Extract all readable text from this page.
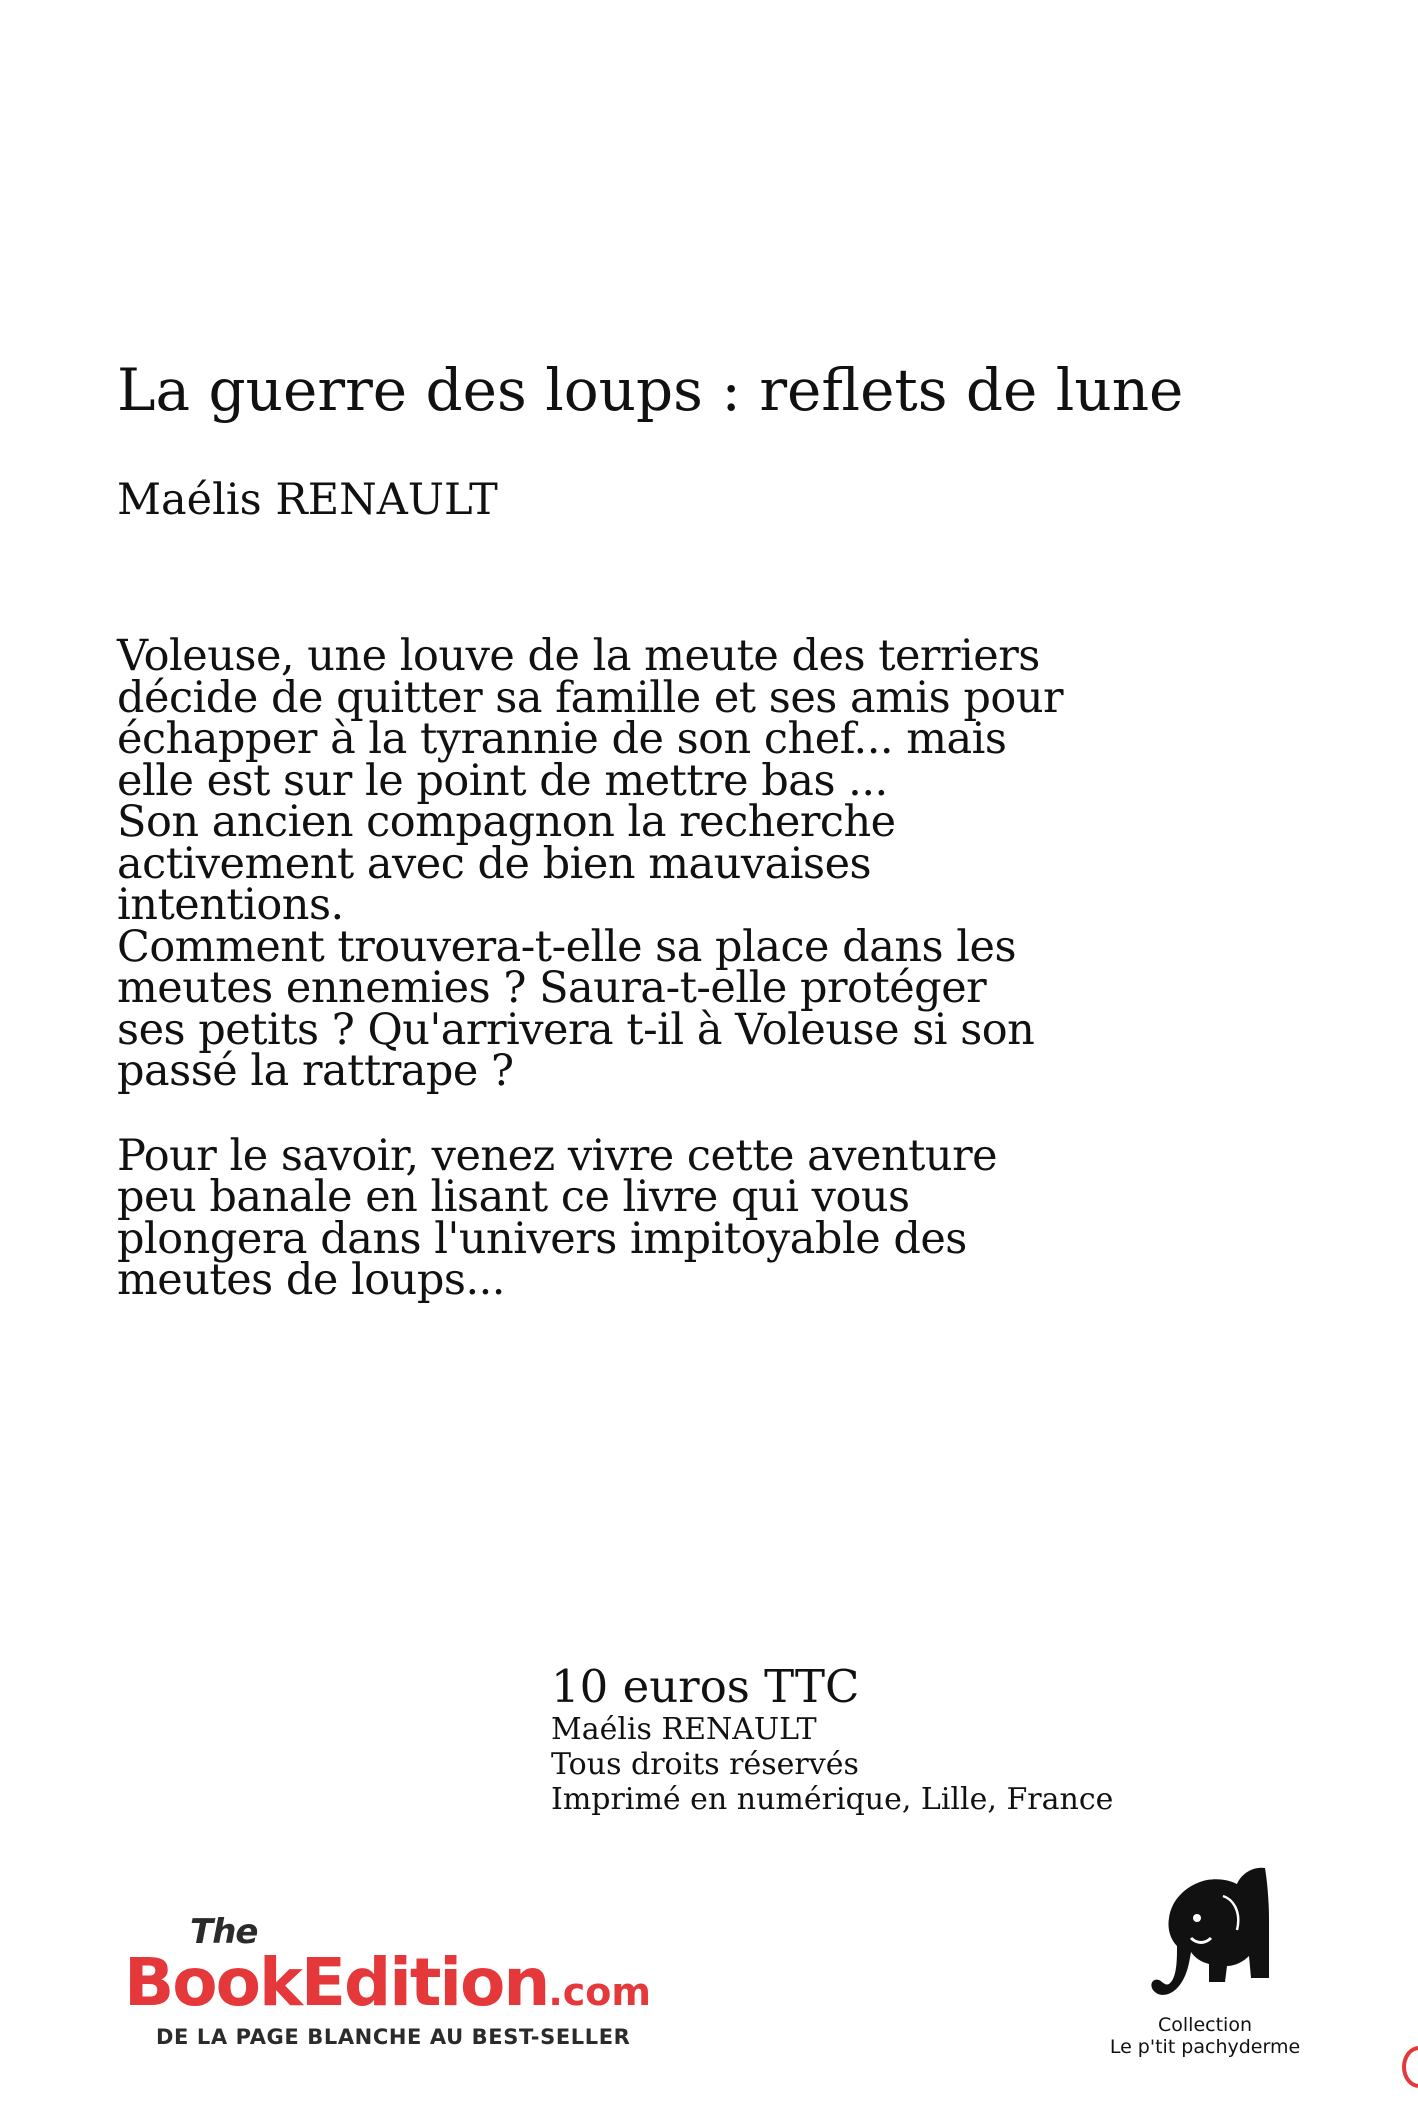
La guerre des loups : reflets de lune
Maélis RENAULT

Voleuse, une louve de la meute des terriers
décide de quitter sa famille et ses amis pour
échapper à la tyrannie de son chef... mais
elle est sur le point de mettre bas ...
Son ancien compagnon la recherche
activement avec de bien mauvaises
intentions.
Comment trouvera-t-elle sa place dans les
meutes ennemies ? Saura-t-elle protéger
ses petits ? Qu'arrivera t-il à Voleuse si son
passé la rattrape ?

Pour le savoir, venez vivre cette aventure
peu banale en lisant ce livre qui vous
plongera dans l'univers impitoyable des
meutes de loups...

10 euros TTC
Maélis RENAULT
Tous droits réservés
Imprimé en numérique, Lille, France
The
BookEdition.com
DE LA PAGE BLANCHE AU BEST-SELLER	Collection
Le p'tit pachyderme
